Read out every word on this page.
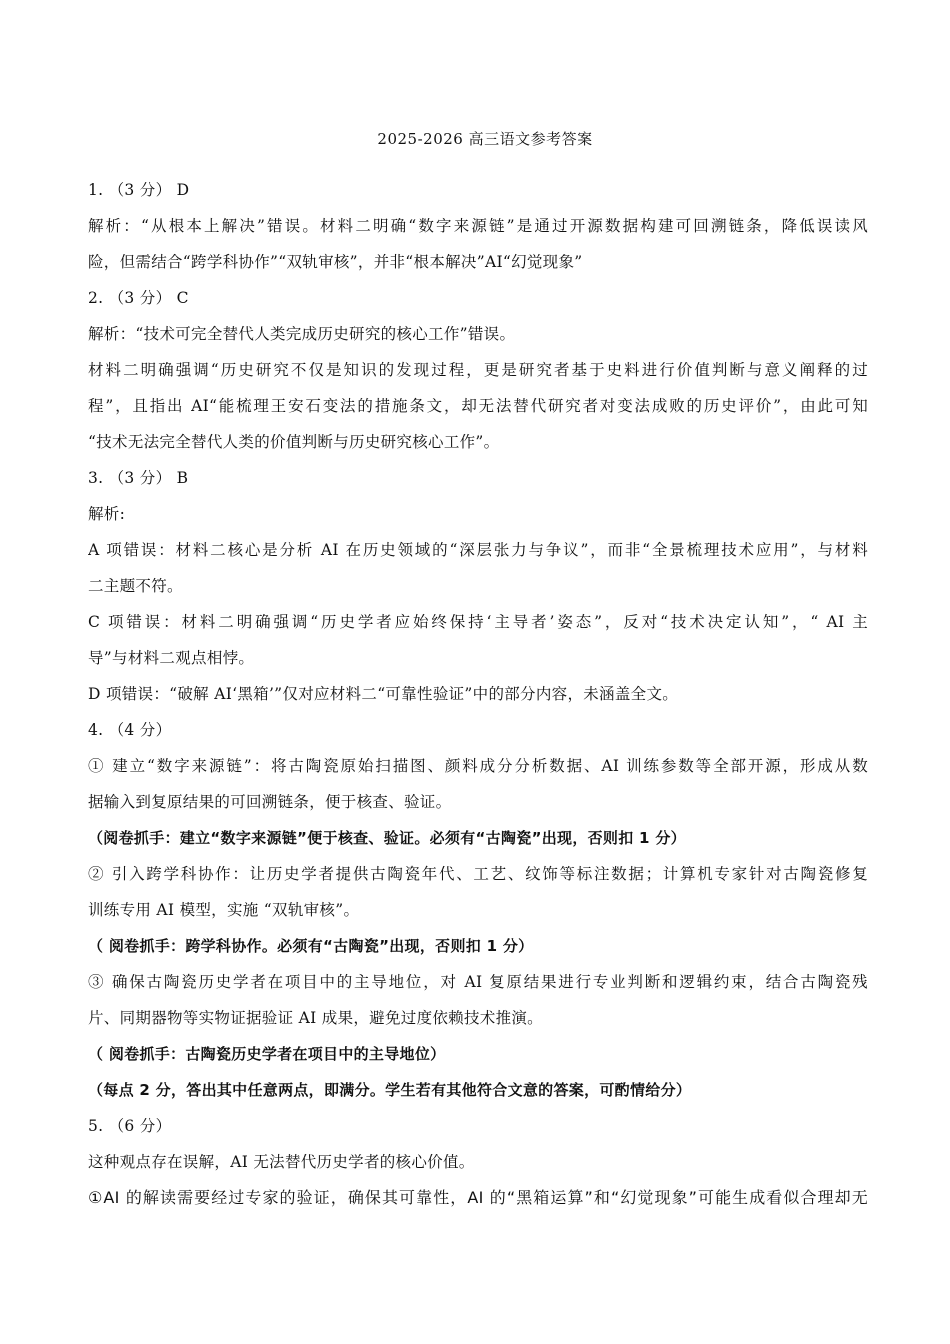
2025-2026 高三语文参考答案
1. （3 分） D
解析：“从根本上解决”错误。材料二明确“数字来源链”是通过开源数据构建可回溯链条，降低误读风
险，但需结合“跨学科协作”“双轨审核”，并非“根本解决”AI“幻觉现象”
2. （3 分） C
解析：“技术可完全替代人类完成历史研究的核心工作”错误。
材料二明确强调“历史研究不仅是知识的发现过程，更是研究者基于史料进行价值判断与意义阐释的过
程”，且指出 AI“能梳理王安石变法的措施条文，却无法替代研究者对变法成败的历史评价”，由此可知
“技术无法完全替代人类的价值判断与历史研究核心工作”。
3. （3 分） B
解析:
A 项错误：材料二核心是分析 AI 在历史领域的“深层张力与争议”，而非“全景梳理技术应用”，与材料
二主题不符。
C 项错误：材料二明确强调“历史学者应始终保持‘主导者’姿态”，反对“技术决定认知”，“ AI 主
导”与材料二观点相悖。
D 项错误：“破解 AI‘黑箱’”仅对应材料二“可靠性验证”中的部分内容，未涵盖全文。
4. （4 分）
① 建立“数字来源链”：将古陶瓷原始扫描图、颜料成分分析数据、AI 训练参数等全部开源，形成从数
据输入到复原结果的可回溯链条，便于核查、验证。
（阅卷抓手：建立“数字来源链”便于核查、验证。必须有“古陶瓷”出现，否则扣 1 分）
② 引入跨学科协作：让历史学者提供古陶瓷年代、工艺、纹饰等标注数据；计算机专家针对古陶瓷修复
训练专用 AI 模型，实施 “双轨审核”。
（ 阅卷抓手：跨学科协作。必须有“古陶瓷”出现，否则扣 1 分）
③ 确保古陶瓷历史学者在项目中的主导地位，对 AI 复原结果进行专业判断和逻辑约束，结合古陶瓷残
片、同期器物等实物证据验证 AI 成果，避免过度依赖技术推演。
（ 阅卷抓手：古陶瓷历史学者在项目中的主导地位）
（每点 2 分，答出其中任意两点，即满分。学生若有其他符合文意的答案，可酌情给分）
5. （6 分）
这种观点存在误解，AI 无法替代历史学者的核心价值。
①AI 的解读需要经过专家的验证，确保其可靠性，AI 的“黑箱运算”和“幻觉现象”可能生成看似合理却无
